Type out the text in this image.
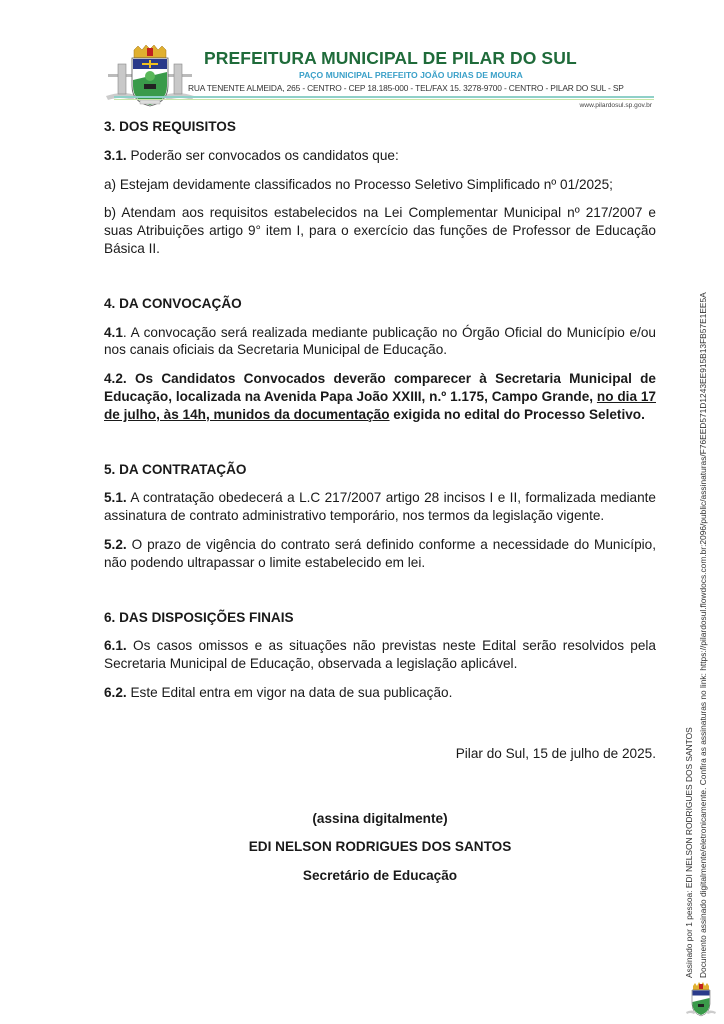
PREFEITURA MUNICIPAL DE PILAR DO SUL
PAÇO MUNICIPAL PREFEITO JOÃO URIAS DE MOURA
RUA TENENTE ALMEIDA, 265 - CENTRO - CEP 18.185-000 - TEL/FAX 15. 3278-9700 - CENTRO - PILAR DO SUL - SP
www.pilardosul.sp.gov.br

3. DOS REQUISITOS

3.1. Poderão ser convocados os candidatos que:

a) Estejam devidamente classificados no Processo Seletivo Simplificado nº 01/2025;

b) Atendam aos requisitos estabelecidos na Lei Complementar Municipal nº 217/2007 e suas Atribuições artigo 9° item I, para o exercício das funções de Professor de Educação Básica II.

4. DA CONVOCAÇÃO

4.1. A convocação será realizada mediante publicação no Órgão Oficial do Município e/ou nos canais oficiais da Secretaria Municipal de Educação.

4.2. Os Candidatos Convocados deverão comparecer à Secretaria Municipal de Educação, localizada na Avenida Papa João XXIII, n.º 1.175, Campo Grande, no dia 17 de julho, às 14h, munidos da documentação exigida no edital do Processo Seletivo.

5. DA CONTRATAÇÃO

5.1. A contratação obedecerá a L.C 217/2007 artigo 28 incisos I e II, formalizada mediante assinatura de contrato administrativo temporário, nos termos da legislação vigente.

5.2. O prazo de vigência do contrato será definido conforme a necessidade do Município, não podendo ultrapassar o limite estabelecido em lei.

6. DAS DISPOSIÇÕES FINAIS

6.1. Os casos omissos e as situações não previstas neste Edital serão resolvidos pela Secretaria Municipal de Educação, observada a legislação aplicável.

6.2. Este Edital entra em vigor na data de sua publicação.

Pilar do Sul, 15 de julho de 2025.

(assina digitalmente)

EDI NELSON RODRIGUES DOS SANTOS

Secretário de Educação	Assinado por 1 pessoa: EDI NELSON RODRIGUES DOS SANTOS Documento assinado digitalmente/eletronicamente. Confira as assinaturas no link: https://pilardosul.flowdocs.com.br:2096/public/assinaturas/F76EED571D1243EE915B13FB57E1EE5A
